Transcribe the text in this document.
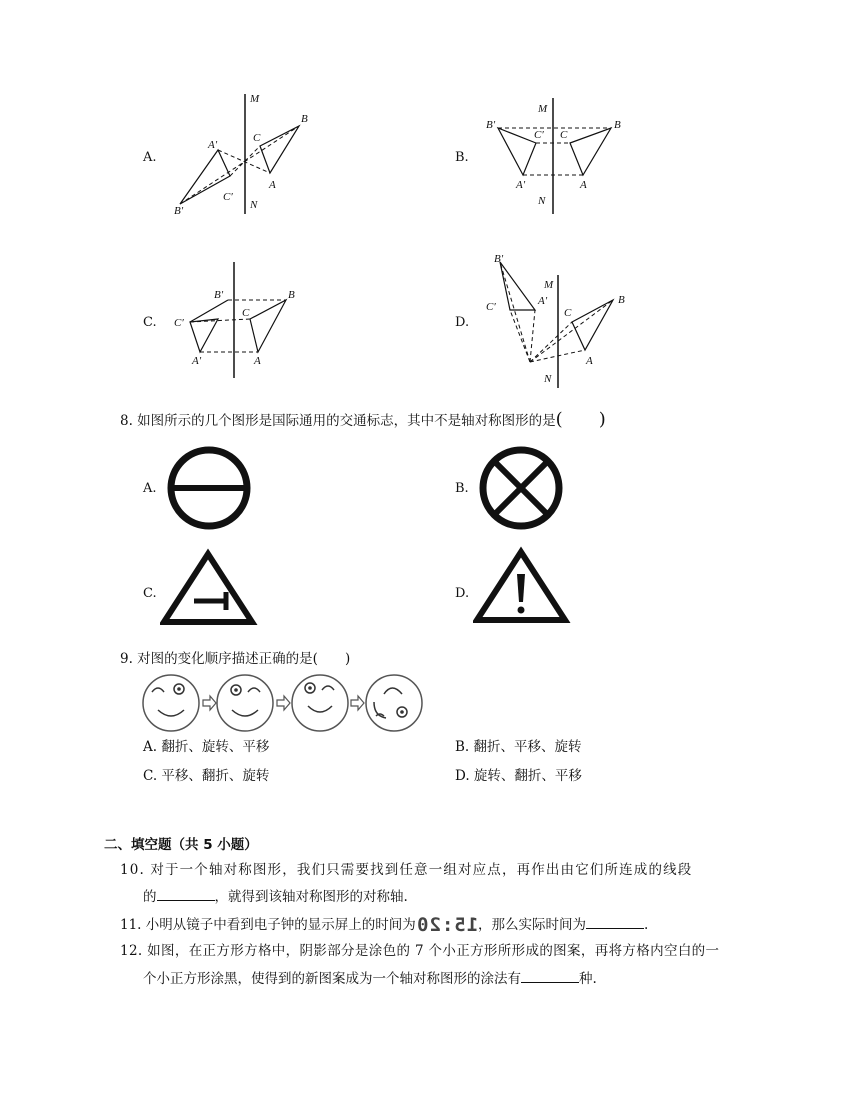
A.
M
N
B
C
A
A′
C′
B′
B.
M
N
B
C
A
B′
C′
A′
C.
B
C
A
B′
C′
A′
D.
M
N
B
C
A
B′
A′
C′
8. 如图所示的几个图形是国际通用的交通标志，其中不是轴对称图形的是(　　)
A.	B.
C.	D.
9. 对图的变化顺序描述正确的是(　　)
A. 翻折、旋转、平移	B. 翻折、平移、旋转
C. 平移、翻折、旋转	D. 旋转、翻折、平移
二、填空题（共 5 小题）
10. 对于一个轴对称图形，我们只需要找到任意一组对应点，再作出由它们所连成的线段
的	，就得到该轴对称图形的对称轴.
11. 小明从镜子中看到电子钟的显示屏上的时间为15:20，那么实际时间为	.
12. 如图，在正方形方格中，阴影部分是涂色的 7 个小正方形所形成的图案，再将方格内空白的一
个小正方形涂黑，使得到的新图案成为一个轴对称图形的涂法有	种.
